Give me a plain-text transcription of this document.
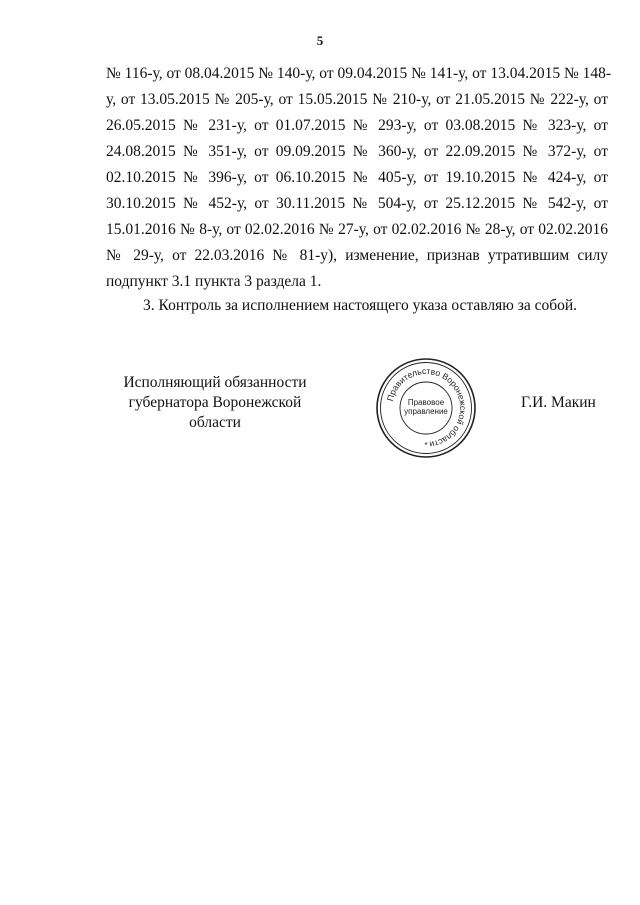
5
№ 116-у, от 08.04.2015 № 140-у, от 09.04.2015 № 141-у, от 13.04.2015 № 148-
у, от 13.05.2015 № 205-у, от 15.05.2015 № 210-у, от 21.05.2015 № 222-у, от
26.05.2015 № 231-у, от 01.07.2015 № 293-у, от 03.08.2015 № 323-у, от
24.08.2015 № 351-у, от 09.09.2015 № 360-у, от 22.09.2015 № 372-у, от
02.10.2015 № 396-у, от 06.10.2015 № 405-у, от 19.10.2015 № 424-у, от
30.10.2015 № 452-у, от 30.11.2015 № 504-у, от 25.12.2015 № 542-у, от
15.01.2016 № 8-у, от 02.02.2016 № 27-у, от 02.02.2016 № 28-у, от 02.02.2016
№ 29-у, от 22.03.2016 № 81-у), изменение, признав утратившим силу
подпункт 3.1 пункта 3 раздела 1.
3. Контроль за исполнением настоящего указа оставляю за собой.
Исполняющий обязанности
губернатора Воронежской области
Правительство Воронежской области
Правовое
управление
*
Г.И. Макин
